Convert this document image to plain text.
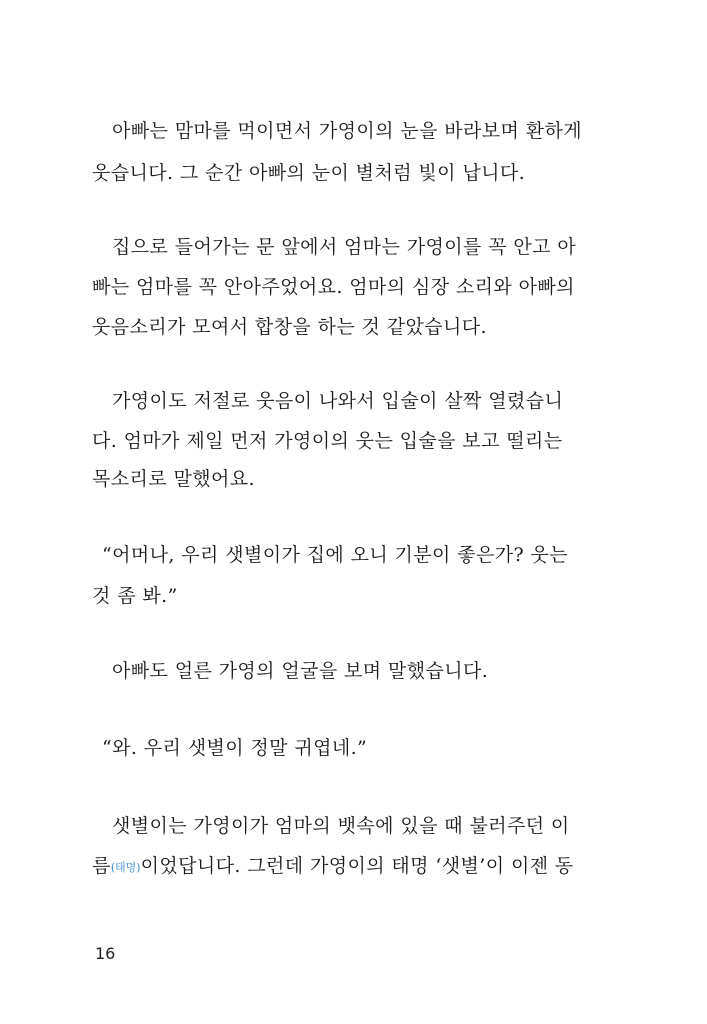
아빠는 맘마를 먹이면서 가영이의 눈을 바라보며 환하게
웃습니다. 그 순간 아빠의 눈이 별처럼 빛이 납니다.
집으로 들어가는 문 앞에서 엄마는 가영이를 꼭 안고 아
빠는 엄마를 꼭 안아주었어요. 엄마의 심장 소리와 아빠의
웃음소리가 모여서 합창을 하는 것 같았습니다.
가영이도 저절로 웃음이 나와서 입술이 살짝 열렸습니
다. 엄마가 제일 먼저 가영이의 웃는 입술을 보고 떨리는
목소리로 말했어요.
“어머나, 우리 샛별이가 집에 오니 기분이 좋은가? 웃는
것 좀 봐.”
아빠도 얼른 가영의 얼굴을 보며 말했습니다.
“와. 우리 샛별이 정말 귀엽네.”
샛별이는 가영이가 엄마의 뱃속에 있을 때 불러주던 이
름(태명)이었답니다. 그런데 가영이의 태명 ‘샛별’이 이젠 동
16
